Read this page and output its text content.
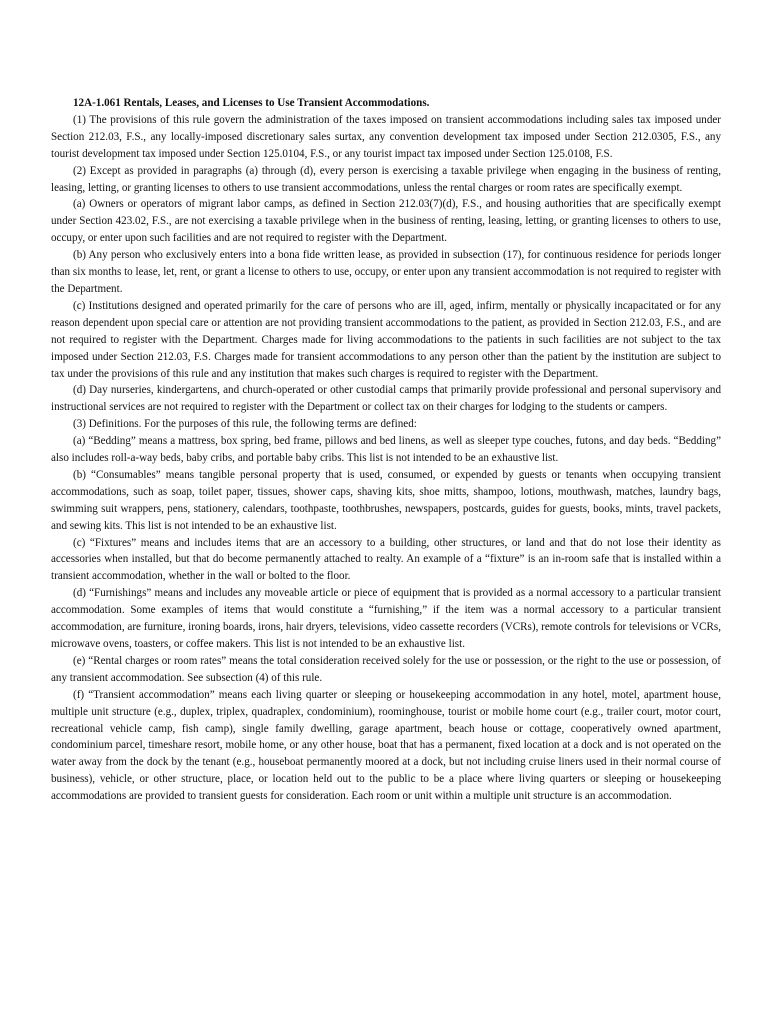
12A-1.061 Rentals, Leases, and Licenses to Use Transient Accommodations.

(1) The provisions of this rule govern the administration of the taxes imposed on transient accommodations including sales tax imposed under Section 212.03, F.S., any locally-imposed discretionary sales surtax, any convention development tax imposed under Section 212.0305, F.S., any tourist development tax imposed under Section 125.0104, F.S., or any tourist impact tax imposed under Section 125.0108, F.S.

(2) Except as provided in paragraphs (a) through (d), every person is exercising a taxable privilege when engaging in the business of renting, leasing, letting, or granting licenses to others to use transient accommodations, unless the rental charges or room rates are specifically exempt.

(a) Owners or operators of migrant labor camps, as defined in Section 212.03(7)(d), F.S., and housing authorities that are specifically exempt under Section 423.02, F.S., are not exercising a taxable privilege when in the business of renting, leasing, letting, or granting licenses to others to use, occupy, or enter upon such facilities and are not required to register with the Department.

(b) Any person who exclusively enters into a bona fide written lease, as provided in subsection (17), for continuous residence for periods longer than six months to lease, let, rent, or grant a license to others to use, occupy, or enter upon any transient accommodation is not required to register with the Department.

(c) Institutions designed and operated primarily for the care of persons who are ill, aged, infirm, mentally or physically incapacitated or for any reason dependent upon special care or attention are not providing transient accommodations to the patient, as provided in Section 212.03, F.S., and are not required to register with the Department. Charges made for living accommodations to the patients in such facilities are not subject to the tax imposed under Section 212.03, F.S. Charges made for transient accommodations to any person other than the patient by the institution are subject to tax under the provisions of this rule and any institution that makes such charges is required to register with the Department.

(d) Day nurseries, kindergartens, and church-operated or other custodial camps that primarily provide professional and personal supervisory and instructional services are not required to register with the Department or collect tax on their charges for lodging to the students or campers.

(3) Definitions. For the purposes of this rule, the following terms are defined:

(a) “Bedding” means a mattress, box spring, bed frame, pillows and bed linens, as well as sleeper type couches, futons, and day beds. “Bedding” also includes roll-a-way beds, baby cribs, and portable baby cribs. This list is not intended to be an exhaustive list.

(b) “Consumables” means tangible personal property that is used, consumed, or expended by guests or tenants when occupying transient accommodations, such as soap, toilet paper, tissues, shower caps, shaving kits, shoe mitts, shampoo, lotions, mouthwash, matches, laundry bags, swimming suit wrappers, pens, stationery, calendars, toothpaste, toothbrushes, newspapers, postcards, guides for guests, books, mints, travel packets, and sewing kits. This list is not intended to be an exhaustive list.

(c) “Fixtures” means and includes items that are an accessory to a building, other structures, or land and that do not lose their identity as accessories when installed, but that do become permanently attached to realty. An example of a “fixture” is an in-room safe that is installed within a transient accommodation, whether in the wall or bolted to the floor.

(d) “Furnishings” means and includes any moveable article or piece of equipment that is provided as a normal accessory to a particular transient accommodation. Some examples of items that would constitute a “furnishing,” if the item was a normal accessory to a particular transient accommodation, are furniture, ironing boards, irons, hair dryers, televisions, video cassette recorders (VCRs), remote controls for televisions or VCRs, microwave ovens, toasters, or coffee makers. This list is not intended to be an exhaustive list.

(e) “Rental charges or room rates” means the total consideration received solely for the use or possession, or the right to the use or possession, of any transient accommodation. See subsection (4) of this rule.

(f) “Transient accommodation” means each living quarter or sleeping or housekeeping accommodation in any hotel, motel, apartment house, multiple unit structure (e.g., duplex, triplex, quadraplex, condominium), roominghouse, tourist or mobile home court (e.g., trailer court, motor court, recreational vehicle camp, fish camp), single family dwelling, garage apartment, beach house or cottage, cooperatively owned apartment, condominium parcel, timeshare resort, mobile home, or any other house, boat that has a permanent, fixed location at a dock and is not operated on the water away from the dock by the tenant (e.g., houseboat permanently moored at a dock, but not including cruise liners used in their normal course of business), vehicle, or other structure, place, or location held out to the public to be a place where living quarters or sleeping or housekeeping accommodations are provided to transient guests for consideration. Each room or unit within a multiple unit structure is an accommodation.
